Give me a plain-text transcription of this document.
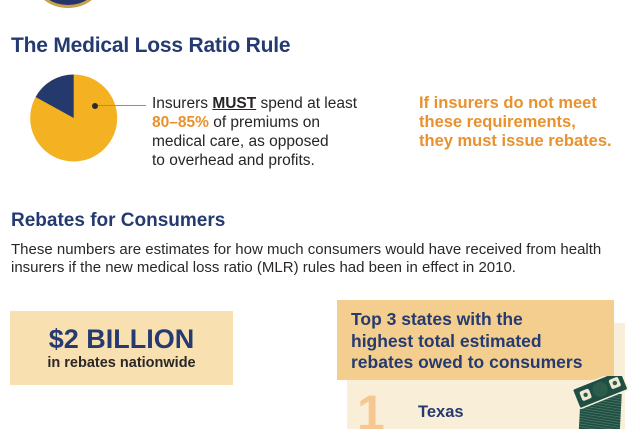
The Medical Loss Ratio Rule
Insurers MUST spend at least
80–85% of premiums on
medical care, as opposed
to overhead and profits.
If insurers do not meet
these requirements,
they must issue rebates.
Rebates for Consumers
These numbers are estimates for how much consumers would have received from health
insurers if the new medical loss ratio (MLR) rules had been in effect in 2010.
$2 BILLION
in rebates nationwide
Top 3 states with the
highest total estimated
rebates owed to consumers
1 Texas
